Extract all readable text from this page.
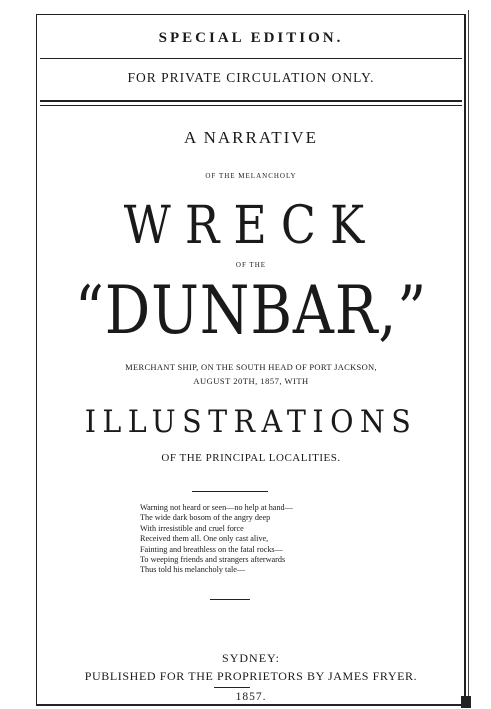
SPECIAL EDITION.
FOR PRIVATE CIRCULATION ONLY.
A NARRATIVE
OF THE MELANCHOLY
WRECK
OF THE
“DUNBAR,”
MERCHANT SHIP, ON THE SOUTH HEAD OF PORT JACKSON,
AUGUST 20TH, 1857, WITH
ILLUSTRATIONS
OF THE PRINCIPAL LOCALITIES.
Warning not heard or seen—no help at hand—
The wide dark bosom of the angry deep
With irresistible and cruel force
Received them all. One only cast alive,
Fainting and breathless on the fatal rocks—
To weeping friends and strangers afterwards
Thus told his melancholy tale—
SYDNEY:
PUBLISHED FOR THE PROPRIETORS BY JAMES FRYER.
1857.
